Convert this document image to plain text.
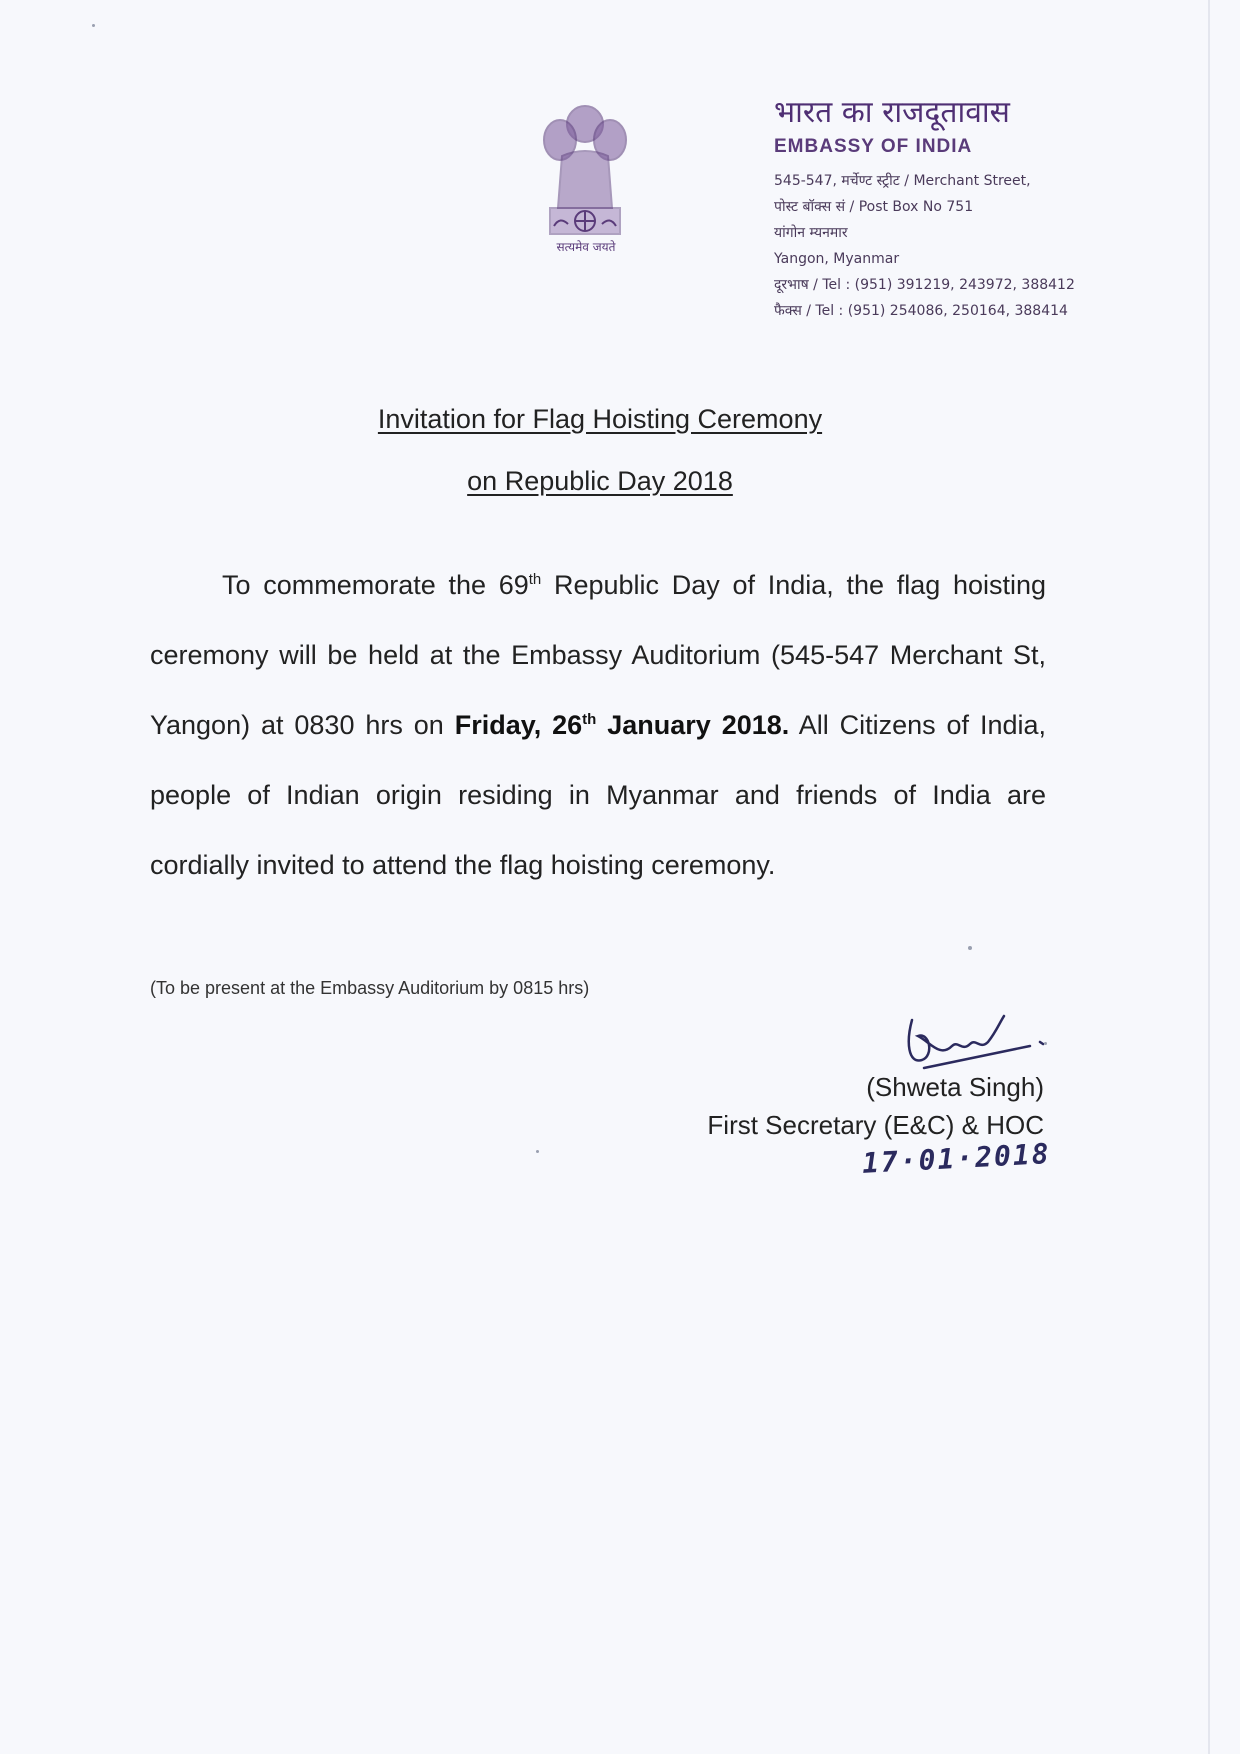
सत्यमेव जयते

भारत का राजदूतावास

EMBASSY OF INDIA

545-547, मर्चेण्ट स्ट्रीट / Merchant Street,

पोस्ट बॉक्स सं / Post Box No 751

यांगोन म्यनमार

Yangon, Myanmar

दूरभाष / Tel : (951) 391219, 243972, 388412

फैक्स / Tel : (951) 254086, 250164, 388414

Invitation for Flag Hoisting Ceremony
on Republic Day 2018

To commemorate the 69th Republic Day of India, the flag hoisting ceremony will be held at the Embassy Auditorium (545-547 Merchant St, Yangon) at 0830 hrs on Friday, 26th January 2018. All Citizens of India, people of Indian origin residing in Myanmar and friends of India are cordially invited to attend the flag hoisting ceremony.

(To be present at the Embassy Auditorium by 0815 hrs)

(Shweta Singh)

First Secretary (E&C) & HOC

17·01·2018
